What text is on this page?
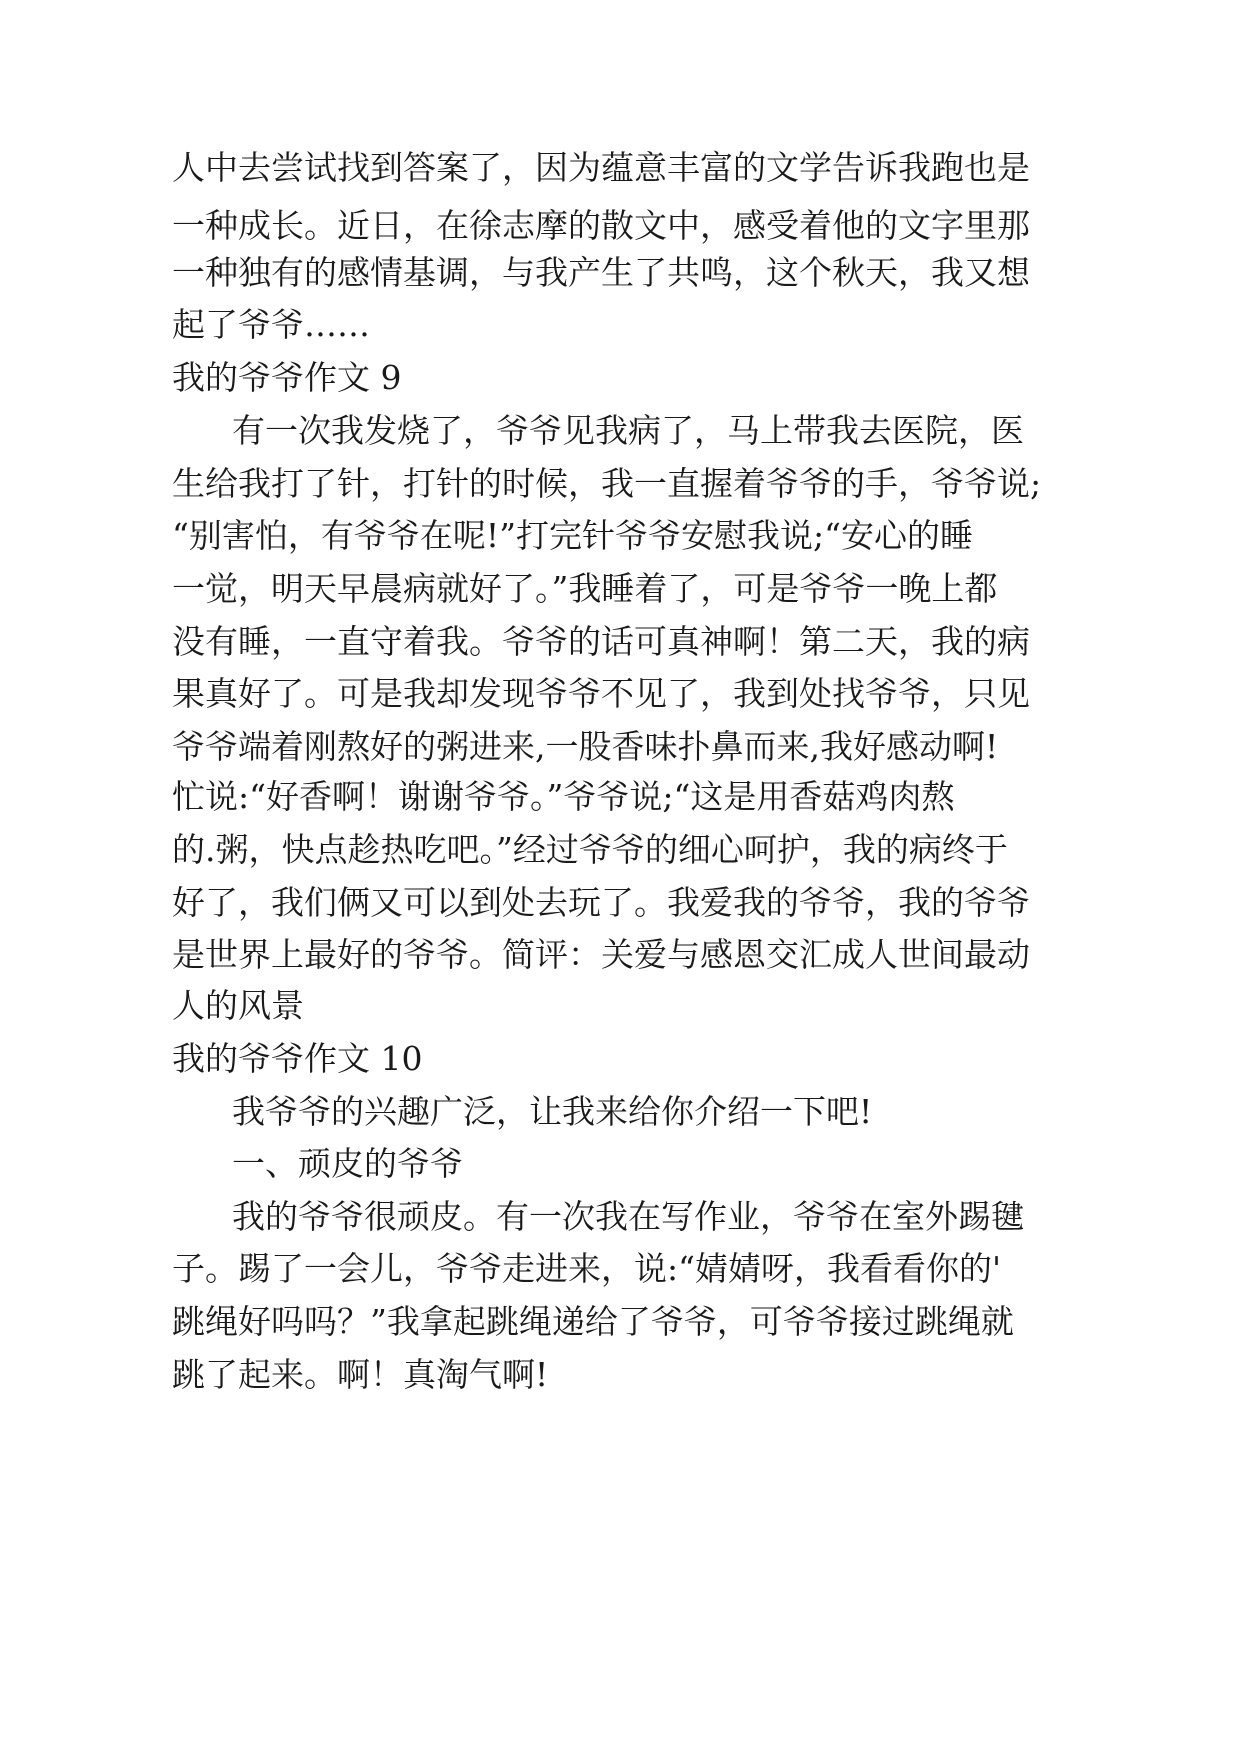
人中去尝试找到答案了，因为蕴意丰富的文学告诉我跑也是
一种成长。近日，在徐志摩的散文中，感受着他的文字里那
一种独有的感情基调，与我产生了共鸣，这个秋天，我又想
起了爷爷……
我的爷爷作文 9
有一次我发烧了，爷爷见我病了，马上带我去医院，医
生给我打了针，打针的时候，我一直握着爷爷的手，爷爷说;
“别害怕，有爷爷在呢!”打完针爷爷安慰我说;“安心的睡
一觉，明天早晨病就好了。”我睡着了，可是爷爷一晚上都
没有睡，一直守着我。爷爷的话可真神啊！第二天，我的病
果真好了。可是我却发现爷爷不见了，我到处找爷爷，只见
爷爷端着刚熬好的粥进来,一股香味扑鼻而来,我好感动啊!
忙说:“好香啊！谢谢爷爷。”爷爷说;“这是用香菇鸡肉熬
的.粥，快点趁热吃吧。”经过爷爷的细心呵护，我的病终于
好了，我们俩又可以到处去玩了。我爱我的爷爷，我的爷爷
是世界上最好的爷爷。简评：关爱与感恩交汇成人世间最动
人的风景
我的爷爷作文 10
我爷爷的兴趣广泛，让我来给你介绍一下吧!
一、顽皮的爷爷
我的爷爷很顽皮。有一次我在写作业，爷爷在室外踢毽
子。踢了一会儿，爷爷走进来，说:“婧婧呀，我看看你的'
跳绳好吗吗？”我拿起跳绳递给了爷爷，可爷爷接过跳绳就
跳了起来。啊！真淘气啊!
